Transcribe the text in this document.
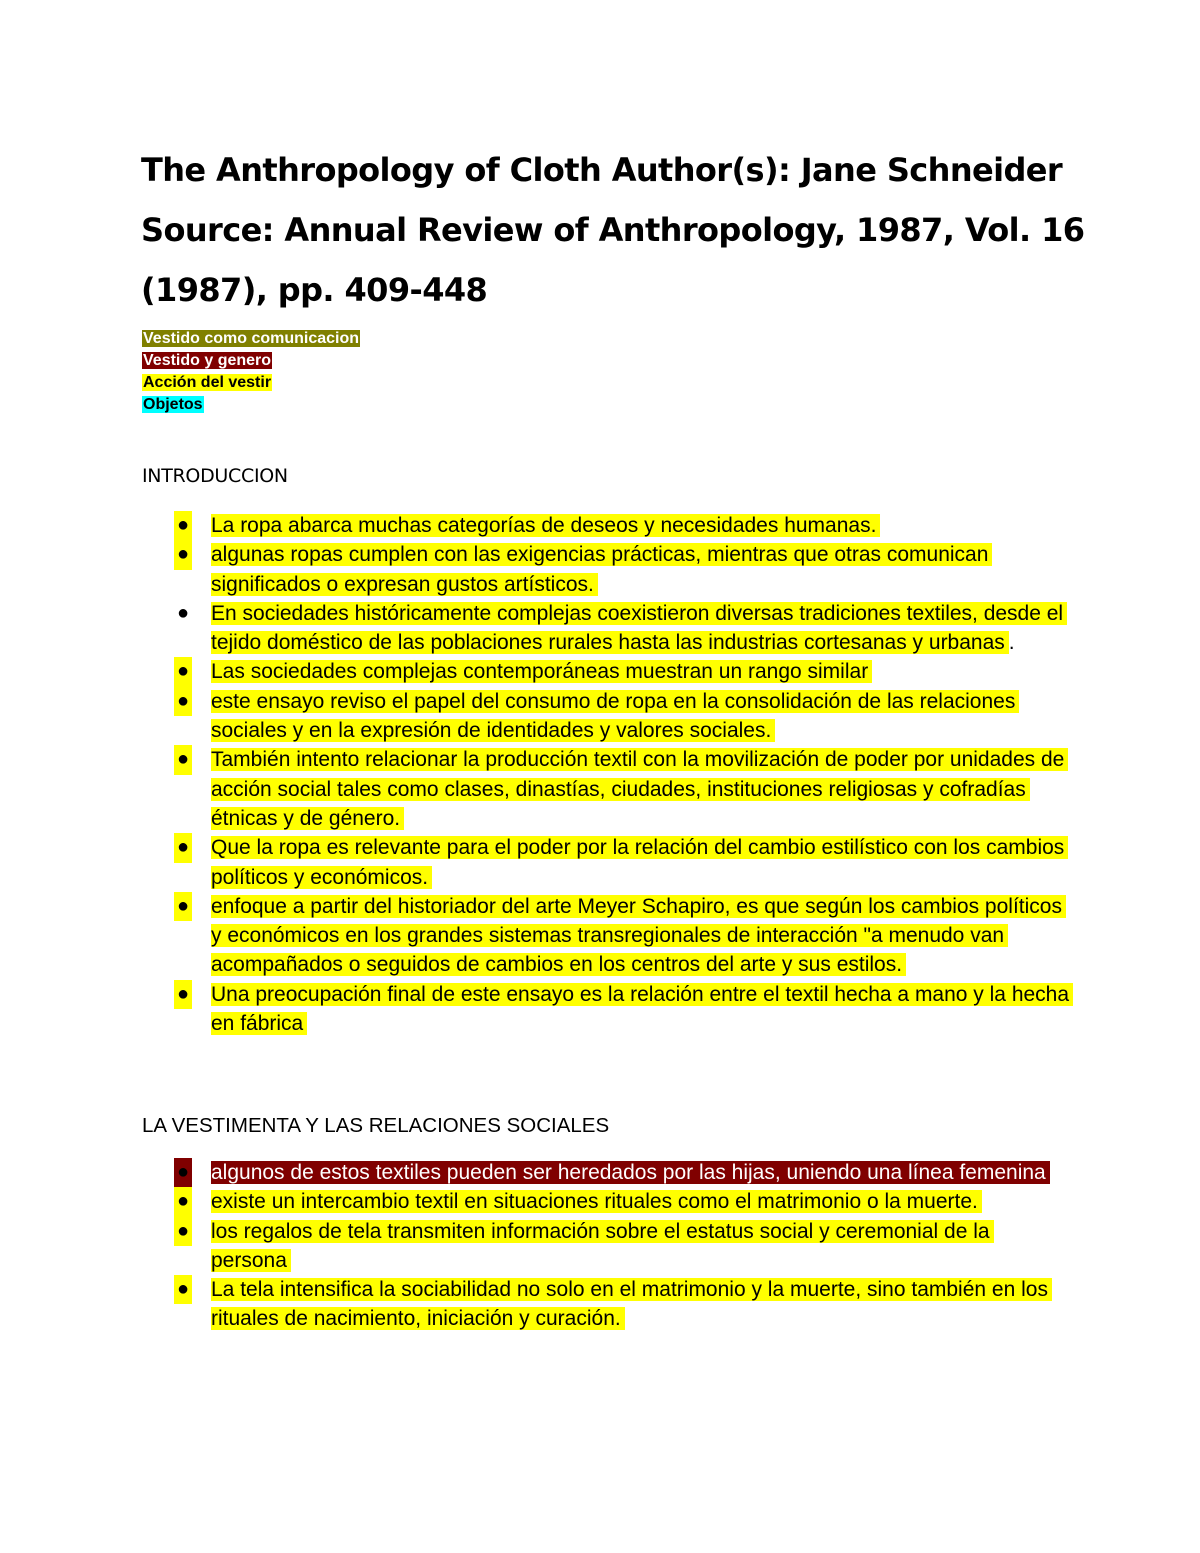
The Anthropology of Cloth Author(s): Jane Schneider
Source: Annual Review of Anthropology, 1987, Vol. 16
(1987), pp. 409-448
Vestido como comunicacion
Vestido y genero
Acción del vestir
Objetos
INTRODUCCION
● La ropa abarca muchas categorías de deseos y necesidades humanas.
● algunas ropas cumplen con las exigencias prácticas, mientras que otras comunican significados o expresan gustos artísticos.
● En sociedades históricamente complejas coexistieron diversas tradiciones textiles, desde el tejido doméstico de las poblaciones rurales hasta las industrias cortesanas y urbanas .
● Las sociedades complejas contemporáneas muestran un rango similar
● este ensayo reviso el papel del consumo de ropa en la consolidación de las relaciones sociales y en la expresión de identidades y valores sociales.
● También intento relacionar la producción textil con la movilización de poder por unidades de acción social tales como clases, dinastías, ciudades, instituciones religiosas y cofradías étnicas y de género.
● Que la ropa es relevante para el poder por la relación del cambio estilístico con los cambios políticos y económicos.
● enfoque a partir del historiador del arte Meyer Schapiro, es que según los cambios políticos y económicos en los grandes sistemas transregionales de interacción "a menudo van acompañados o seguidos de cambios en los centros del arte y sus estilos.
● Una preocupación final de este ensayo es la relación entre el textil hecha a mano y la hecha en fábrica
LA VESTIMENTA Y LAS RELACIONES SOCIALES
● algunos de estos textiles pueden ser heredados por las hijas, uniendo una línea femenina
● existe un intercambio textil en situaciones rituales como el matrimonio o la muerte.
● los regalos de tela transmiten información sobre el estatus social y ceremonial de la persona
● La tela intensifica la sociabilidad no solo en el matrimonio y la muerte, sino también en los rituales de nacimiento, iniciación y curación.
